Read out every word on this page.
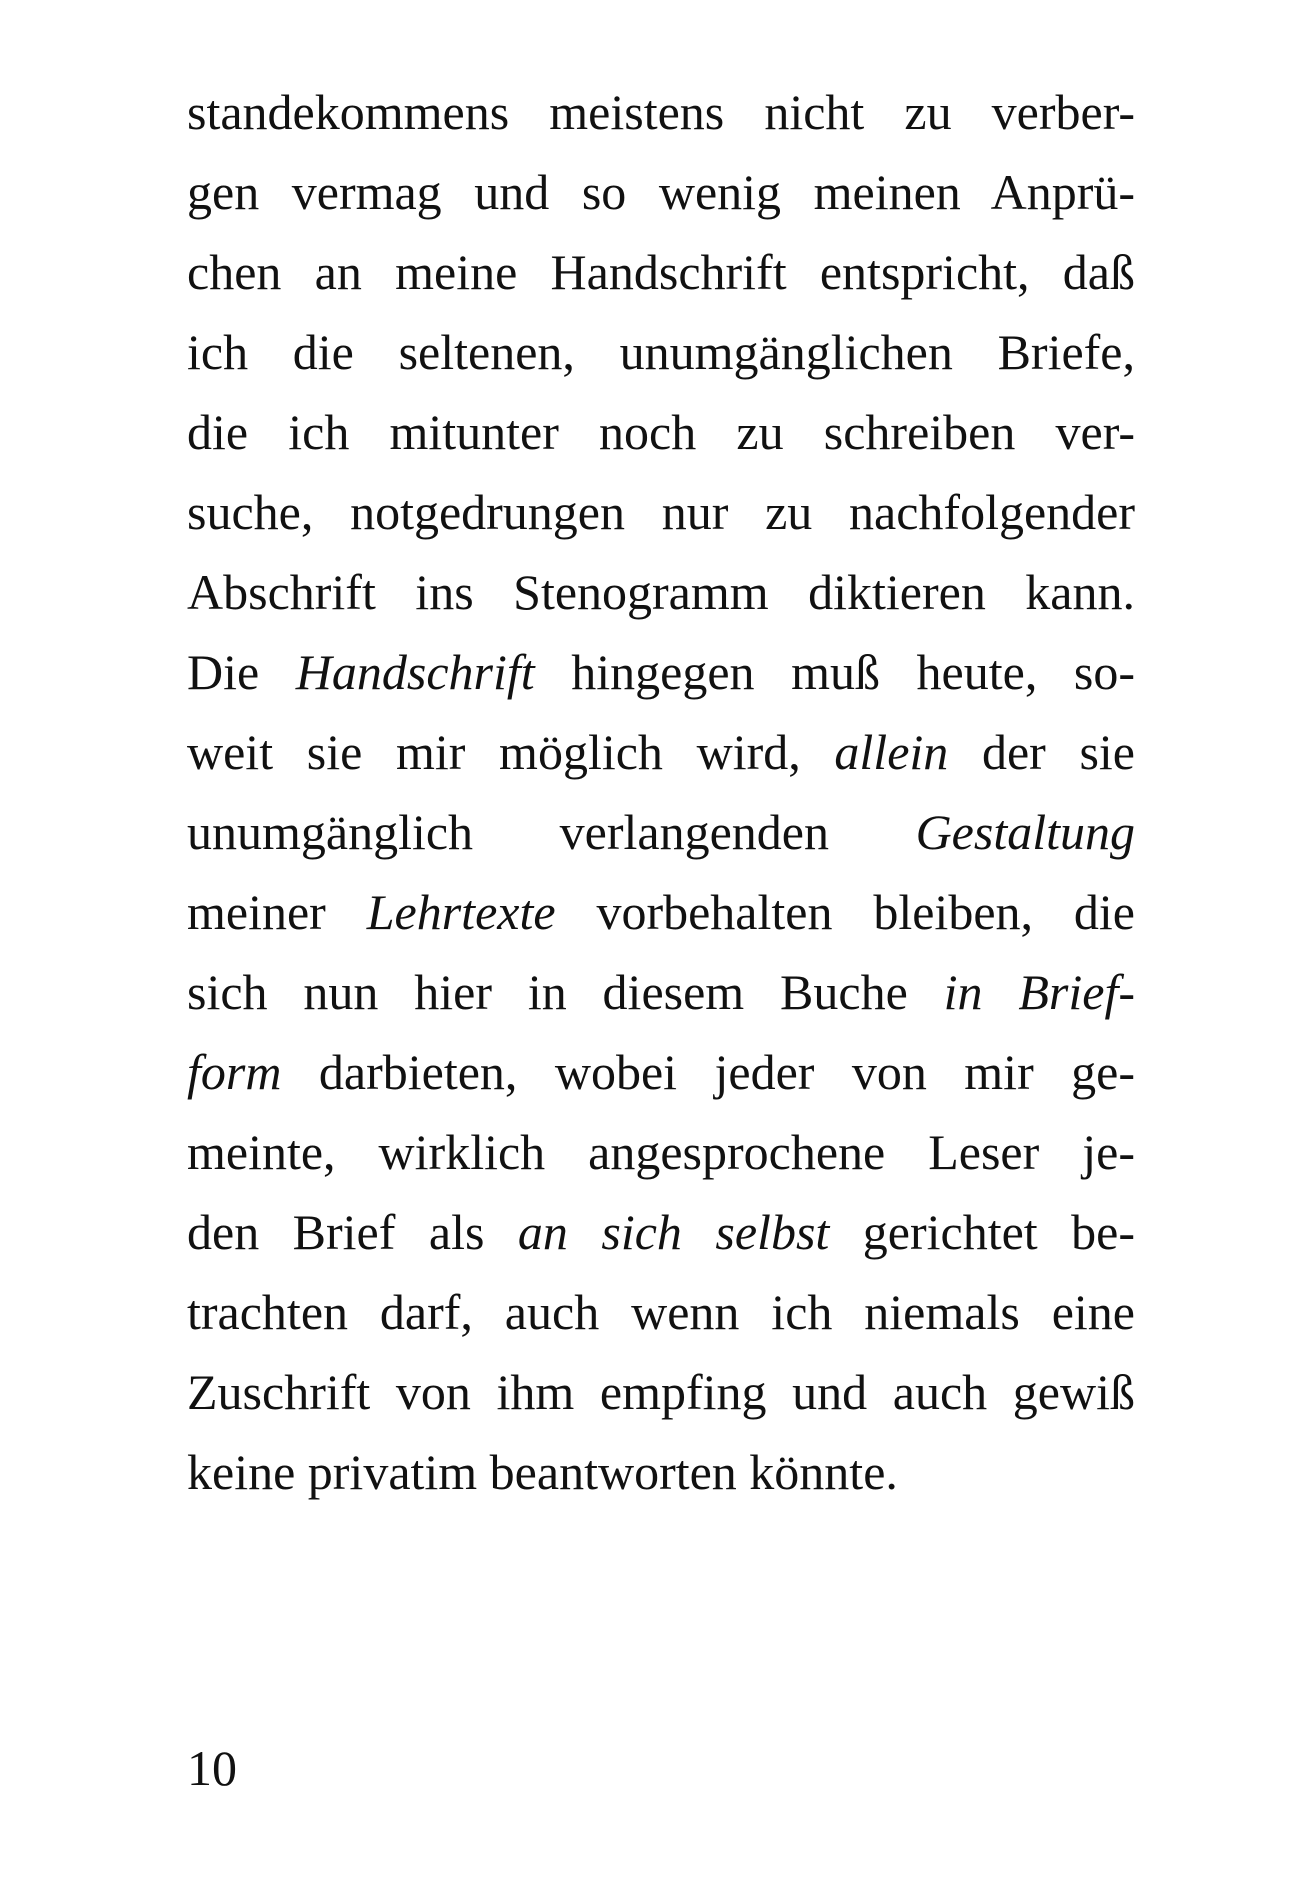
standekommens meistens nicht zu verber-
gen vermag und so wenig meinen Anprü-
chen an meine Handschrift entspricht, daß
ich die seltenen, unumgänglichen Briefe,
die ich mitunter noch zu schreiben ver-
suche, notgedrungen nur zu nachfolgender
Abschrift ins Stenogramm diktieren kann.
Die Handschrift hingegen muß heute, so-
weit sie mir möglich wird, allein der sie
unumgänglich verlangenden Gestaltung
meiner Lehrtexte vorbehalten bleiben, die
sich nun hier in diesem Buche in Brief-
form darbieten, wobei jeder von mir ge-
meinte, wirklich angesprochene Leser je-
den Brief als an sich selbst gerichtet be-
trachten darf, auch wenn ich niemals eine
Zuschrift von ihm empfing und auch gewiß
keine privatim beantworten könnte.
10
